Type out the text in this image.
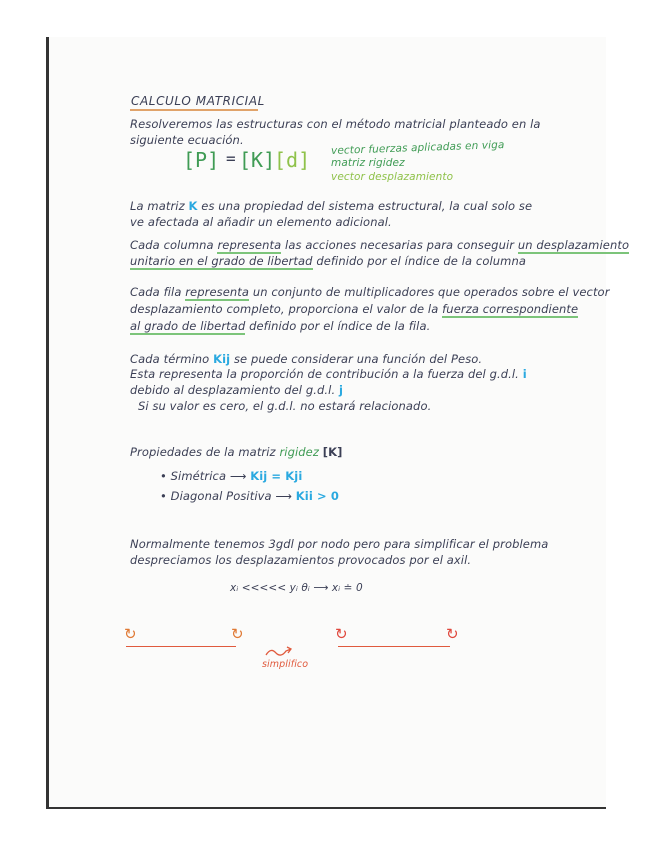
CALCULO MATRICIAL
Resolveremos las estructuras con el método matricial planteado en la
siguiente ecuación.
[P] = [K]
[d] vector fuerzas aplicadas en viga
matriz rigidez
vector desplazamiento
La matriz K es una propiedad del sistema estructural, la cual solo se
ve afectada al añadir un elemento adicional.
Cada columna representa las acciones necesarias para conseguir un desplazamiento
unitario en el grado de libertad definido por el índice de la columna
Cada fila representa un conjunto de multiplicadores que operados sobre el vector
desplazamiento completo, proporciona el valor de la fuerza correspondiente
al grado de libertad definido por el índice de la fila.
Cada término Kij se puede considerar una función del Peso.
Esta representa la proporción de contribución a la fuerza del g.d.l. i
debido al desplazamiento del g.d.l. j
Si su valor es cero, el g.d.l. no estará relacionado.
Propiedades de la matriz rigidez [K]
• Simétrica ⟶ Kij = Kji
• Diagonal Positiva ⟶ Kii > 0
Normalmente tenemos 3gdl por nodo pero para simplificar el problema
despreciamos los desplazamientos provocados por el axil.
xᵢ <<<<< yᵢ θᵢ ⟶ xᵢ ≐ 0
↻	↻	↻	↻
simplifico
